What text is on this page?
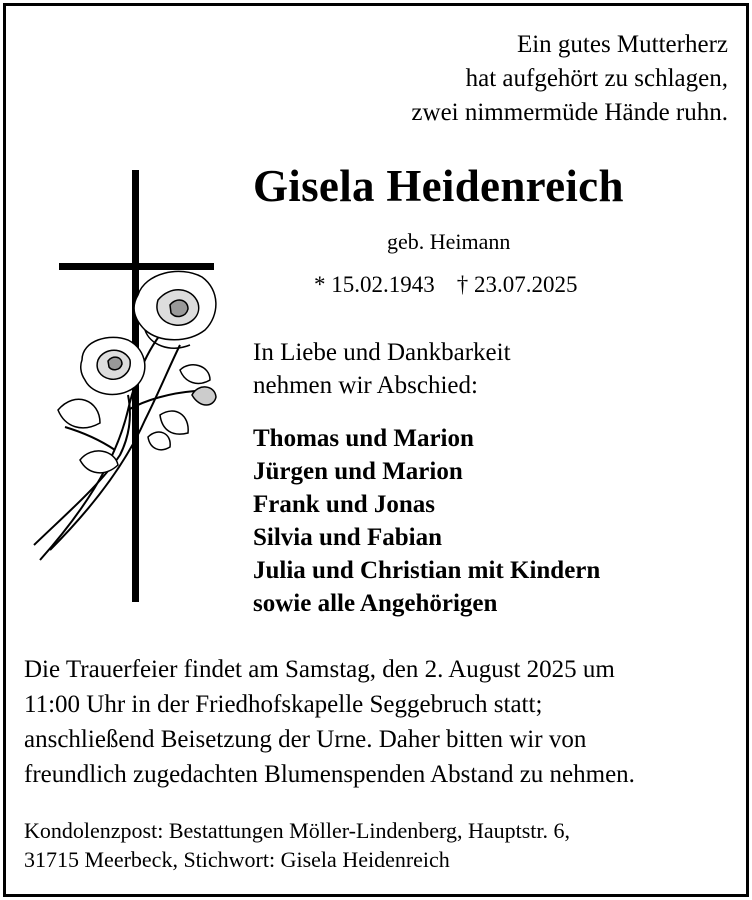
Ein gutes Mutterherz
hat aufgehört zu schlagen,
zwei nimmermüde Hände ruhn.
Gisela Heidenreich
geb. Heimann
* 15.02.1943 † 23.07.2025
In Liebe und Dankbarkeit
nehmen wir Abschied:
Thomas und Marion
Jürgen und Marion
Frank und Jonas
Silvia und Fabian
Julia und Christian mit Kindern
sowie alle Angehörigen
Die Trauerfeier findet am Samstag, den 2. August 2025 um
11:00 Uhr in der Friedhofskapelle Seggebruch statt;
anschließend Beisetzung der Urne. Daher bitten wir von
freundlich zugedachten Blumenspenden Abstand zu nehmen.
Kondolenzpost: Bestattungen Möller-Lindenberg, Hauptstr. 6,
31715 Meerbeck, Stichwort: Gisela Heidenreich
